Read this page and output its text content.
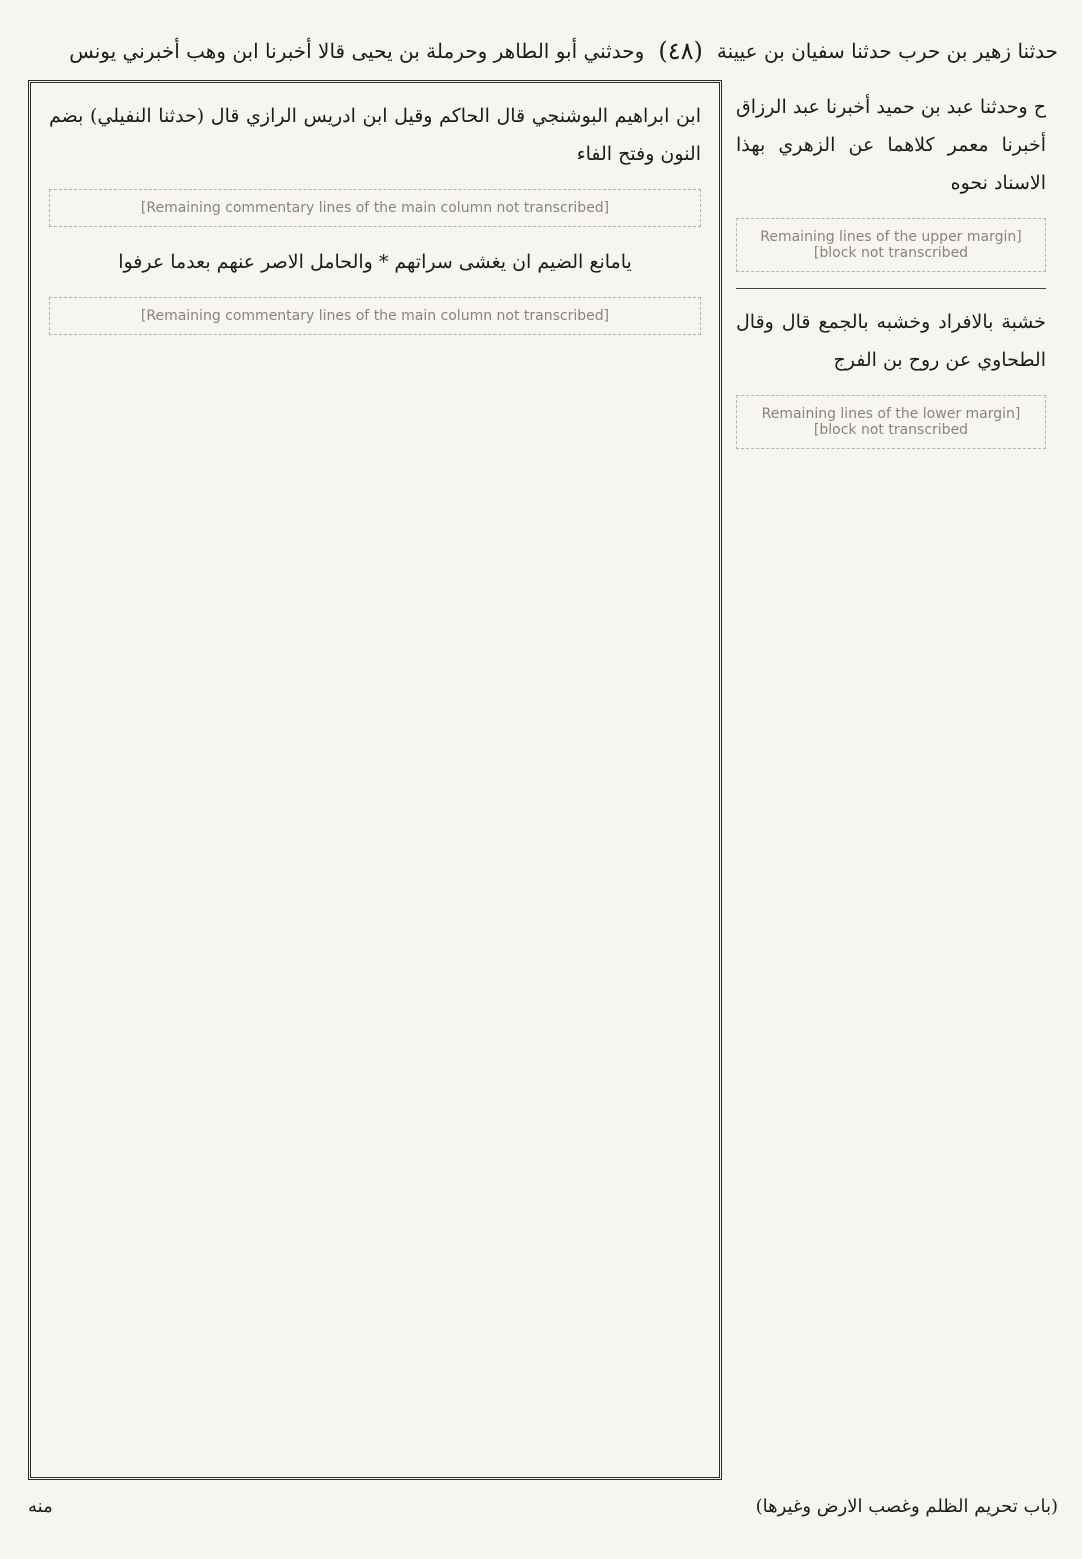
حدثنا زهير بن حرب حدثنا سفيان بن عيينة
(٤٨)
وحدثني أبو الطاهر وحرملة بن يحيى قالا أخبرنا ابن وهب أخبرني يونس

ابن ابراهيم البوشنجي قال الحاكم وقيل ابن ادريس الرازي قال (حدثنا النفيلي) بضم النون وفتح الفاء

[Remaining commentary lines of the main column not transcribed]

يامانع الضيم ان يغشى سراتهم * والحامل الاصر عنهم بعدما عرفوا

[Remaining commentary lines of the main column not transcribed]

ح وحدثنا عبد بن حميد أخبرنا عبد الرزاق أخبرنا معمر كلاهما عن الزهري بهذا الاسناد نحوه

[Remaining lines of the upper margin block not transcribed]

خشبة بالافراد وخشبه بالجمع قال وقال الطحاوي عن روح بن الفرج

[Remaining lines of the lower margin block not transcribed]
(باب تحريم الظلم وغصب الارض وغيرها)
منه
